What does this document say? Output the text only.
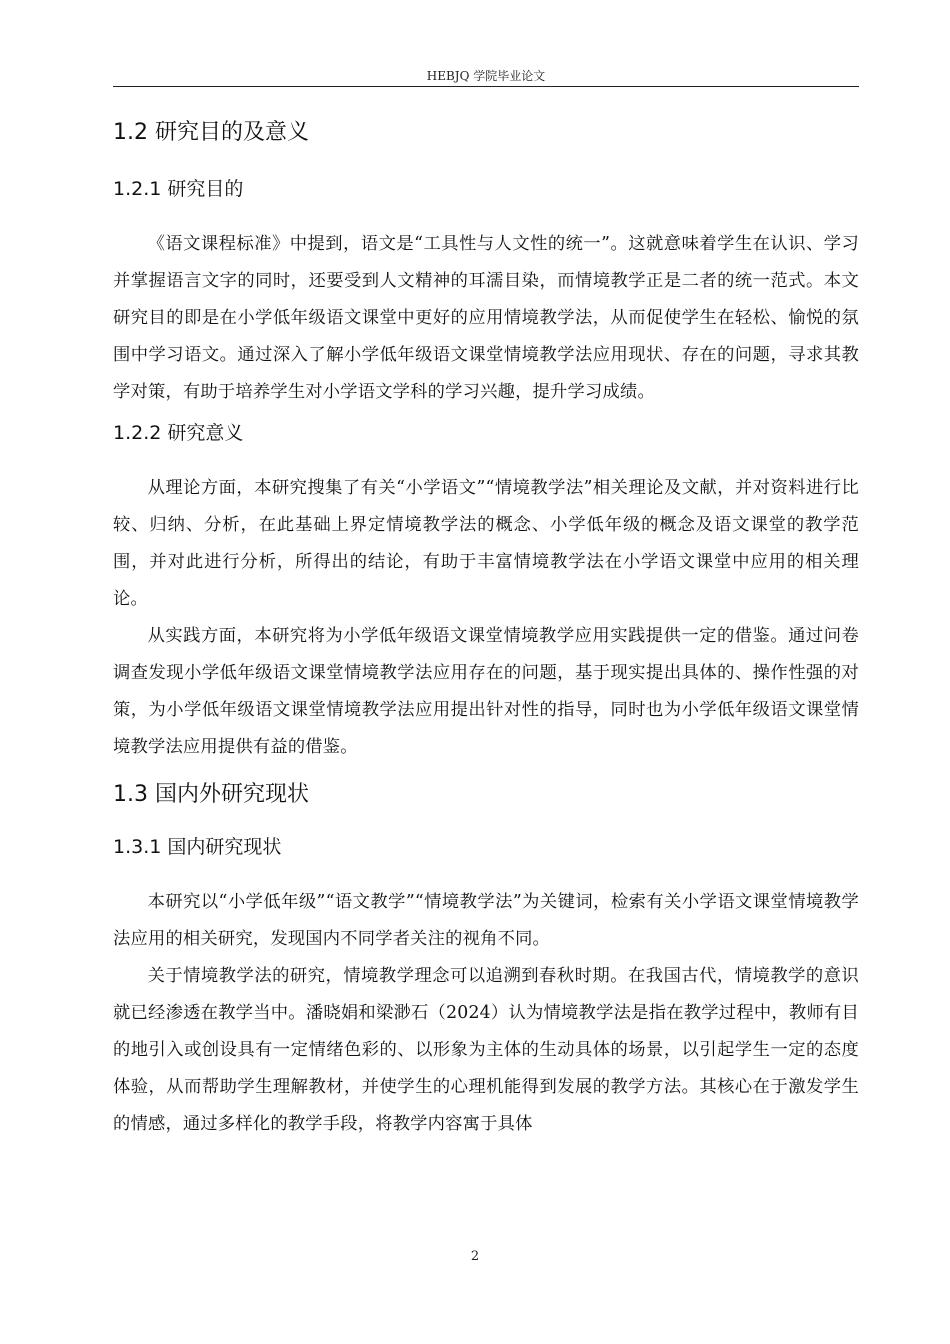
HEBJQ 学院毕业论文
1.2 研究目的及意义
1.2.1 研究目的

《语文课程标准》中提到，语文是“工具性与人文性的统一”。这就意味着学生在认识、学习并掌握语言文字的同时，还要受到人文精神的耳濡目染，而情境教学正是二者的统一范式。本文研究目的即是在小学低年级语文课堂中更好的应用情境教学法，从而促使学生在轻松、愉悦的氛围中学习语文。通过深入了解小学低年级语文课堂情境教学法应用现状、存在的问题，寻求其教学对策，有助于培养学生对小学语文学科的学习兴趣，提升学习成绩。

1.2.2 研究意义

从理论方面，本研究搜集了有关“小学语文”“情境教学法”相关理论及文献，并对资料进行比较、归纳、分析，在此基础上界定情境教学法的概念、小学低年级的概念及语文课堂的教学范围，并对此进行分析，所得出的结论，有助于丰富情境教学法在小学语文课堂中应用的相关理论。

从实践方面，本研究将为小学低年级语文课堂情境教学应用实践提供一定的借鉴。通过问卷调查发现小学低年级语文课堂情境教学法应用存在的问题，基于现实提出具体的、操作性强的对策，为小学低年级语文课堂情境教学法应用提出针对性的指导，同时也为小学低年级语文课堂情境教学法应用提供有益的借鉴。

1.3 国内外研究现状
1.3.1 国内研究现状

本研究以“小学低年级”“语文教学”“情境教学法”为关键词，检索有关小学语文课堂情境教学法应用的相关研究，发现国内不同学者关注的视角不同。

关于情境教学法的研究，情境教学理念可以追溯到春秋时期。在我国古代，情境教学的意识就已经渗透在教学当中。潘晓娟和梁渺石（2024）认为情境教学法是指在教学过程中，教师有目的地引入或创设具有一定情绪色彩的、以形象为主体的生动具体的场景，以引起学生一定的态度体验，从而帮助学生理解教材，并使学生的心理机能得到发展的教学方法。其核心在于激发学生的情感，通过多样化的教学手段，将教学内容寓于具体

2
